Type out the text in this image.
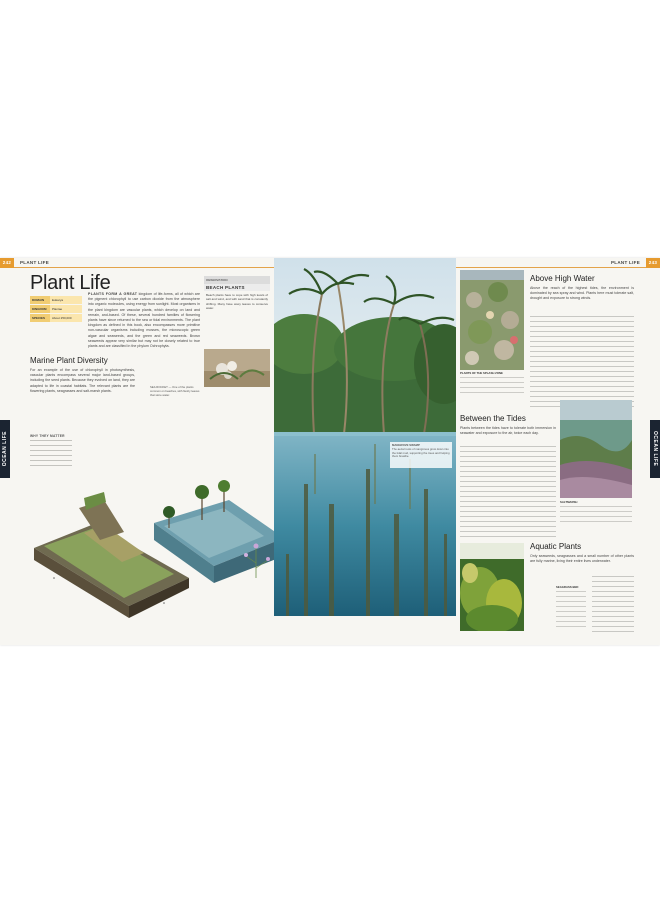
242	PLANT LIFE	PLANT LIFE	243
OCEAN LIFE	OCEAN LIFE
Plant Life
DOMAIN	Eukarya
KINGDOM	Plantae
SPECIES	About 250,000
PLANTS FORM A GREAT kingdom of life-forms, all of which are the pigment chlorophyll to use carbon dioxide from the atmosphere into organic molecules, using energy from sunlight. Most organisms in the plant kingdom are vascular plants, which develop on land and remain, and-based. Of these, several hundred families of flowering plants have since returned to the sea or tidal environments. The plant kingdom as defined in this book, also encompasses more primitive non-vascular organisms including mosses, the microscopic green algae and seaweeds, and the green and red seaweeds. Brown seaweeds appear very similar but may not be closely related to true plants and are classified in the phylum Ochrophyta.
Marine Plant Diversity
For an example of the use of chlorophyll in photosynthesis, vascular plants encompass several major land-based groups, including the seed plants. Because they evolved on land, they are adapted to life in coastal habitats. The relevant plants are the flowering plants, seagrasses and salt-marsh plants.
WHY THEY MATTER
OBSERVATION
BEACH PLANTS
Beach plants have to cope with high levels of salt and wind, and with sand that is constantly shifting. Many have waxy leaves to conserve water.
SEA ROCKET — One of the plants common on beaches, with fleshy leaves that store water.
MANGROVE SWAMP
The aerial roots of mangroves grow down into the tidal mud, supporting the trees and helping them breathe.
PLANTS OF THE SPLASH ZONE
Above High Water
Above the reach of the highest tides, the environment is dominated by sea spray and wind. Plants here must tolerate salt, drought and exposure to strong winds.
Between the Tides
Plants between the tides have to tolerate both immersion in seawater and exposure to the air, twice each day.
SALTMARSH
SEAGRASS BED
Aquatic Plants
Only seaweeds, seagrasses and a small number of other plants are fully marine, living their entire lives underwater.
